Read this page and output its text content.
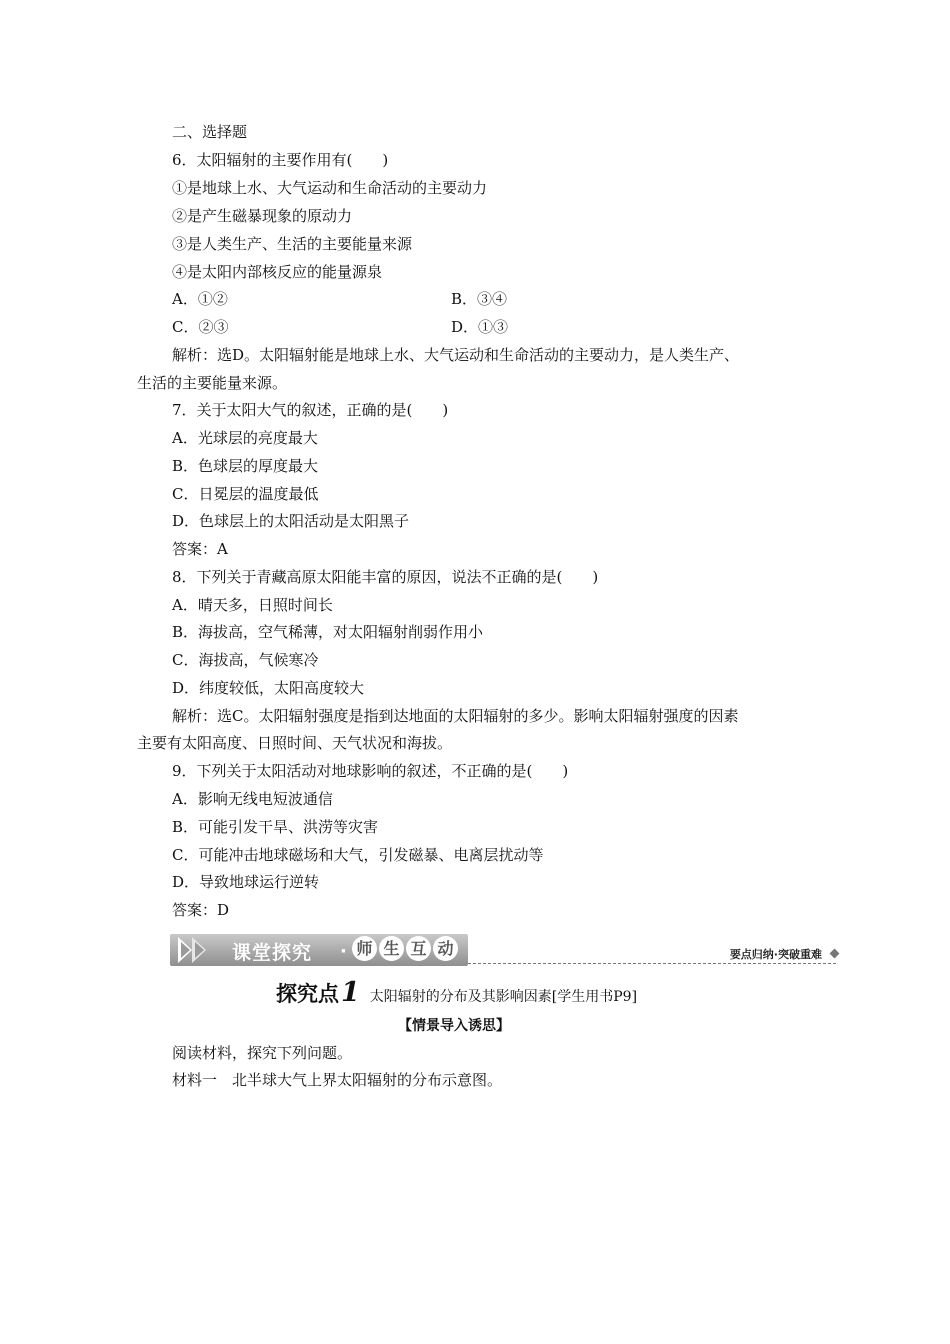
二、选择题
6．太阳辐射的主要作用有(　　)
①是地球上水、大气运动和生命活动的主要动力
②是产生磁暴现象的原动力
③是人类生产、生活的主要能量来源
④是太阳内部核反应的能量源泉
A．①②	B．③④
C．②③	D．①③
解析：选D。太阳辐射能是地球上水、大气运动和生命活动的主要动力，是人类生产、
生活的主要能量来源。
7．关于太阳大气的叙述，正确的是(　　)
A．光球层的亮度最大
B．色球层的厚度最大
C．日冕层的温度最低
D．色球层上的太阳活动是太阳黑子
答案：A
8．下列关于青藏高原太阳能丰富的原因，说法不正确的是(　　)
A．晴天多，日照时间长
B．海拔高，空气稀薄，对太阳辐射削弱作用小
C．海拔高，气候寒冷
D．纬度较低，太阳高度较大
解析：选C。太阳辐射强度是指到达地面的太阳辐射的多少。影响太阳辐射强度的因素
主要有太阳高度、日照时间、天气状况和海拔。
9．下列关于太阳活动对地球影响的叙述，不正确的是(　　)
A．影响无线电短波通信
B．可能引发干旱、洪涝等灾害
C．可能冲击地球磁场和大气，引发磁暴、电离层扰动等
D．导致地球运行逆转
答案：D
课堂探究 · 师 生 互 动	要点归纳·突破重难
探究点1 太阳辐射的分布及其影响因素[学生用书P9]
【情景导入诱思】
阅读材料，探究下列问题。
材料一　北半球大气上界太阳辐射的分布示意图。
